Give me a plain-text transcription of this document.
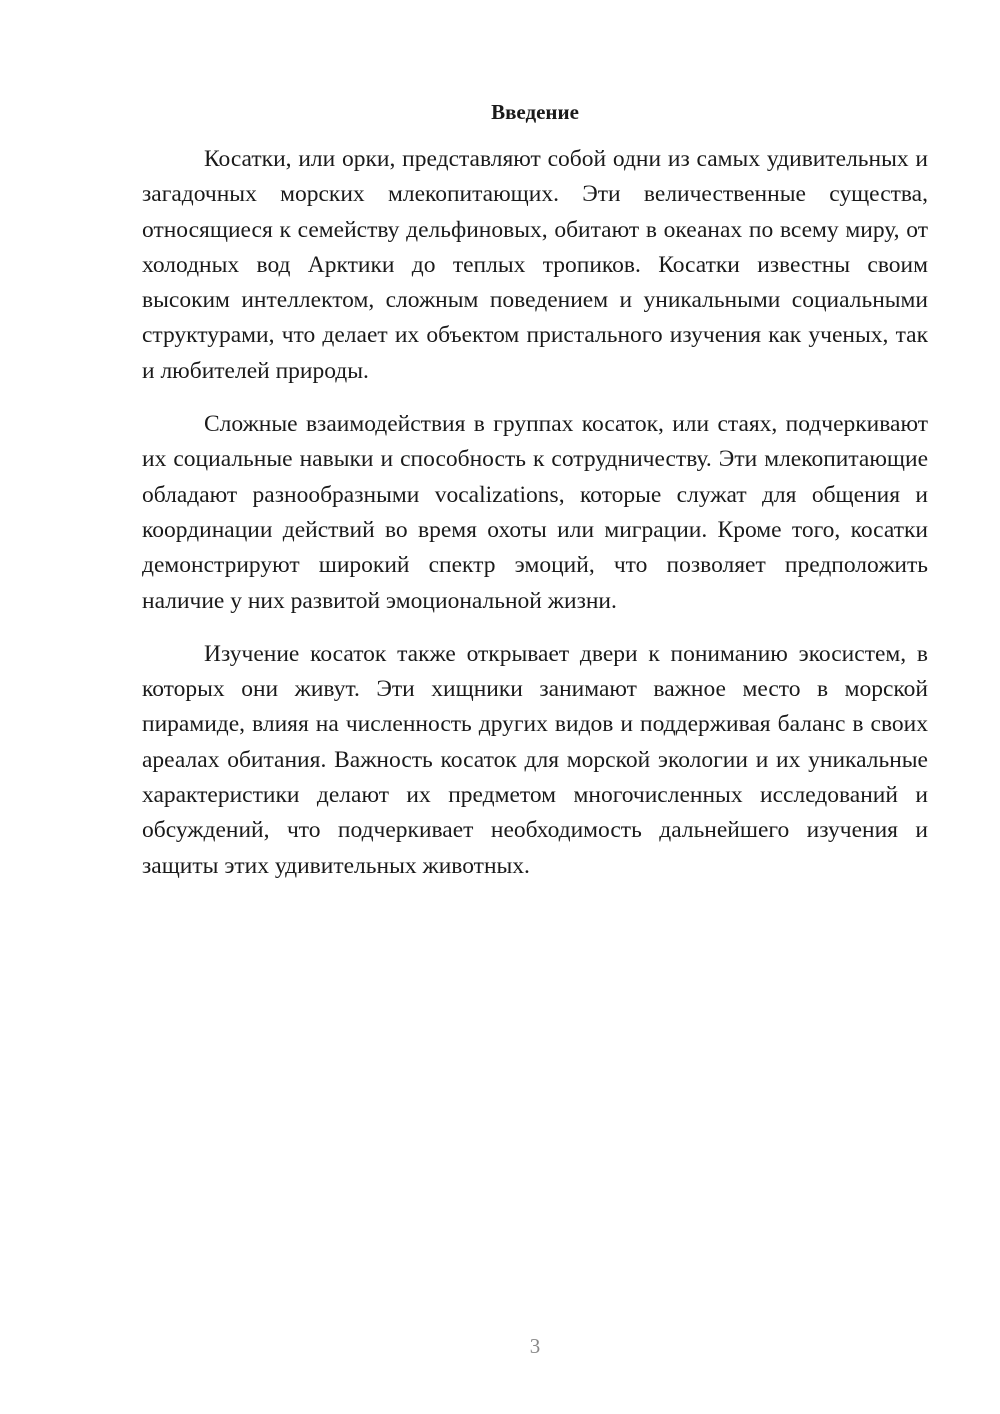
Введение

Косатки, или орки, представляют собой одни из самых удивительных и загадочных морских млекопитающих. Эти величественные существа, относящиеся к семейству дельфиновых, обитают в океанах по всему миру, от холодных вод Арктики до теплых тропиков. Косатки известны своим высоким интеллектом, сложным поведением и уникальными социальными структурами, что делает их объектом пристального изучения как ученых, так и любителей природы.

Сложные взаимодействия в группах косаток, или стаях, подчеркивают их социальные навыки и способность к сотрудничеству. Эти млекопитающие обладают разнообразными vocalizations, которые служат для общения и координации действий во время охоты или миграции. Кроме того, косатки демонстрируют широкий спектр эмоций, что позволяет предположить наличие у них развитой эмоциональной жизни.

Изучение косаток также открывает двери к пониманию экосистем, в которых они живут. Эти хищники занимают важное место в морской пирамиде, влияя на численность других видов и поддерживая баланс в своих ареалах обитания. Важность косаток для морской экологии и их уникальные характеристики делают их предметом многочисленных исследований и обсуждений, что подчеркивает необходимость дальнейшего изучения и защиты этих удивительных животных.

3
